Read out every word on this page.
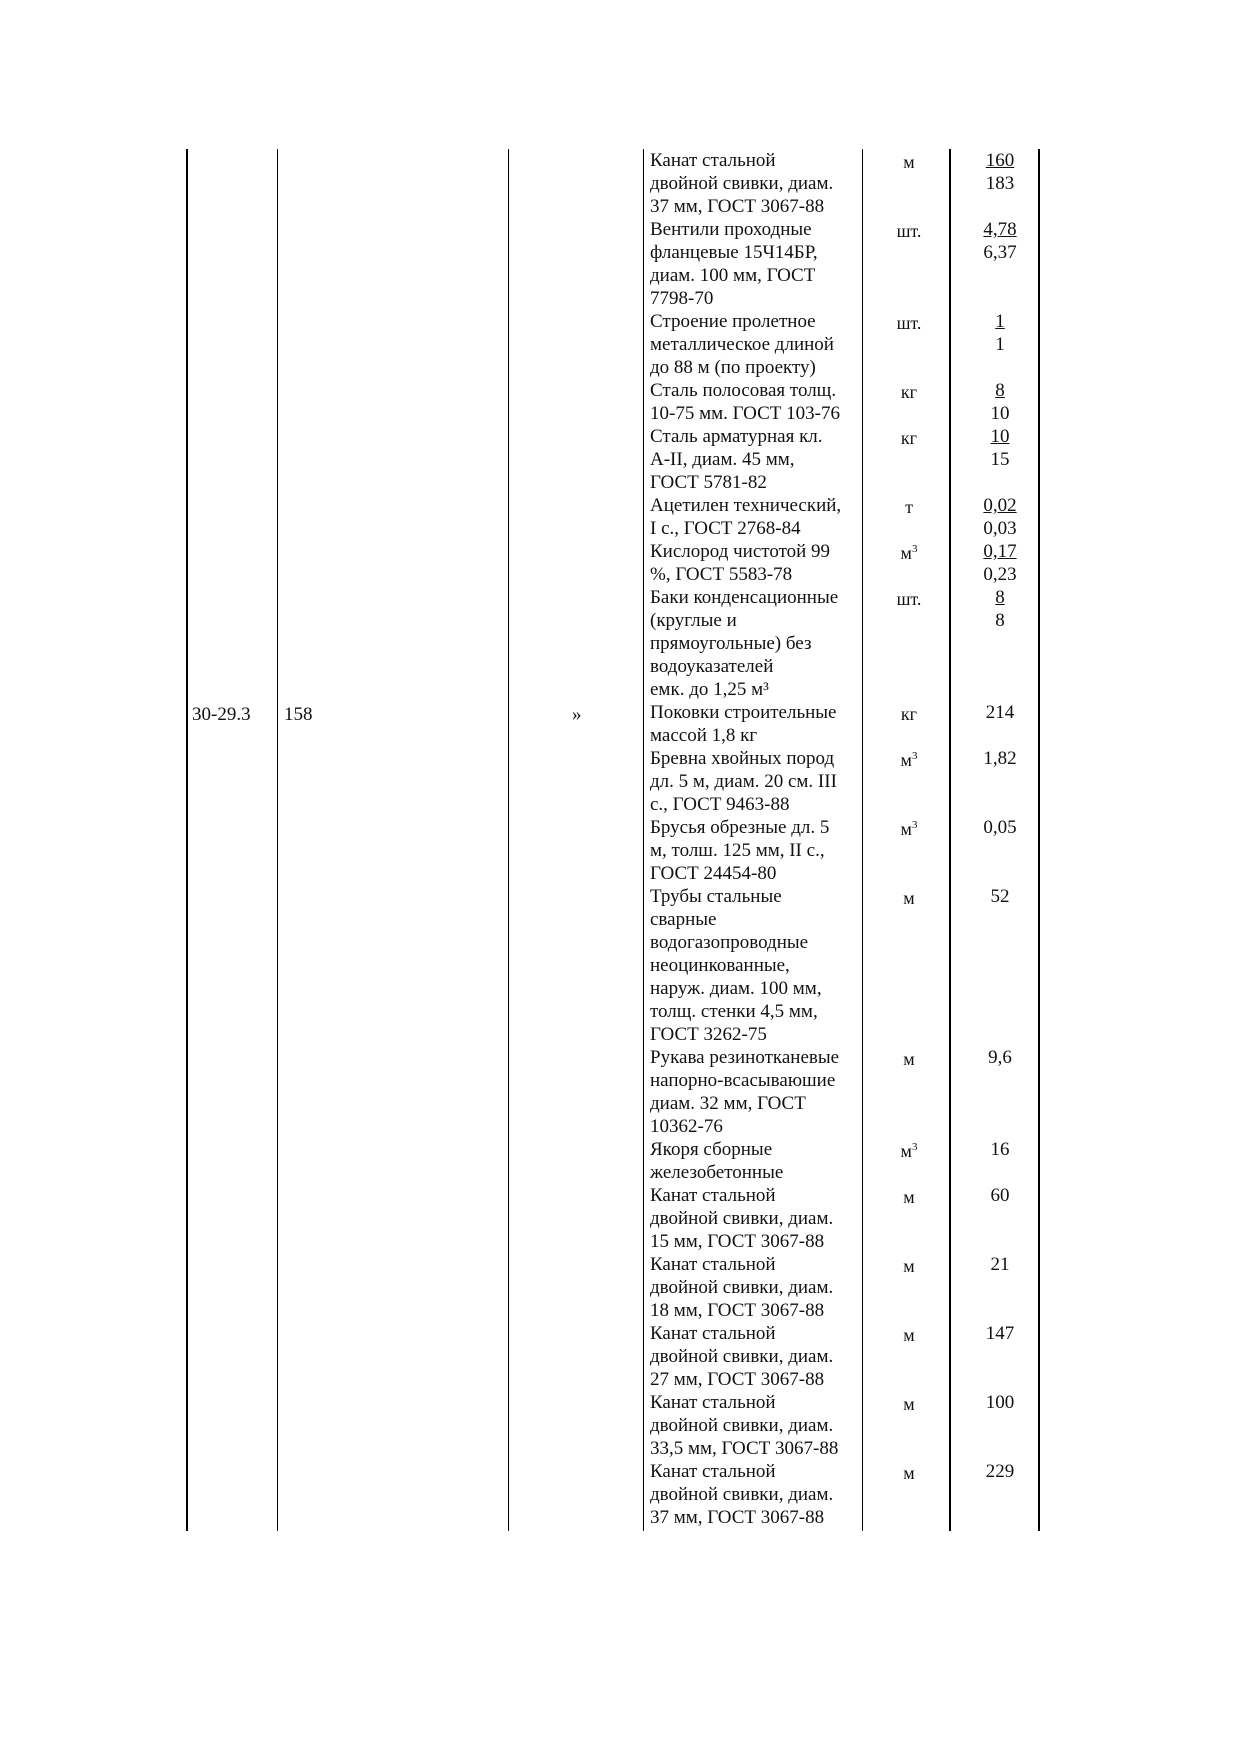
30-29.3 158	»
Канат стальной
двойной свивки, диам.
37 мм, ГОСТ 3067-88
м	$\frac{160}{183}$
Вентили проходные
фланцевые 15Ч14БР,
диам. 100 мм, ГОСТ
7798-70
шт.	$\frac{4,78}{6,37}$
Строение пролетное
металлическое длиной
до 88 м (по проекту)
шт.	$\frac{1}{1}$
Сталь полосовая толщ.
10-75 мм. ГОСТ 103-76
кг	$\frac{8}{10}$
Сталь арматурная кл.
А-II, диам. 45 мм,
ГОСТ 5781-82
кг	$\frac{10}{15}$
Ацетилен технический,
I с., ГОСТ 2768-84
т	$\frac{0,02}{0,03}$
Кислород чистотой 99
%, ГОСТ 5583-78
$м^3$	$\frac{0,17}{0,23}$
Баки конденсационные
(круглые и
прямоугольные) без
водоуказателей
емк. до 1,25 м³
шт.	$\frac{8}{8}$
Поковки строительные
массой 1,8 кг
кг	214
Бревна хвойных пород
дл. 5 м, диам. 20 см. III
с., ГОСТ 9463-88
$м^3$	1,82
Брусья обрезные дл. 5
м, толш. 125 мм, II с.,
ГОСТ 24454-80
$м^3$	0,05
Трубы стальные
сварные
водогазопроводные
неоцинкованные,
наруж. диам. 100 мм,
толщ. стенки 4,5 мм,
ГОСТ 3262-75
м	52
Рукава резинотканевые
напорно-всасываюшие
диам. 32 мм, ГОСТ
10362-76
м	9,6
Якоря сборные
железобетонные
$м^3$	16
Канат стальной
двойной свивки, диам.
15 мм, ГОСТ 3067-88
м	60
Канат стальной
двойной свивки, диам.
18 мм, ГОСТ 3067-88
м	21
Канат стальной
двойной свивки, диам.
27 мм, ГОСТ 3067-88
м	147
Канат стальной
двойной свивки, диам.
33,5 мм, ГОСТ 3067-88
м	100
Канат стальной
двойной свивки, диам.
37 мм, ГОСТ 3067-88
м	229
